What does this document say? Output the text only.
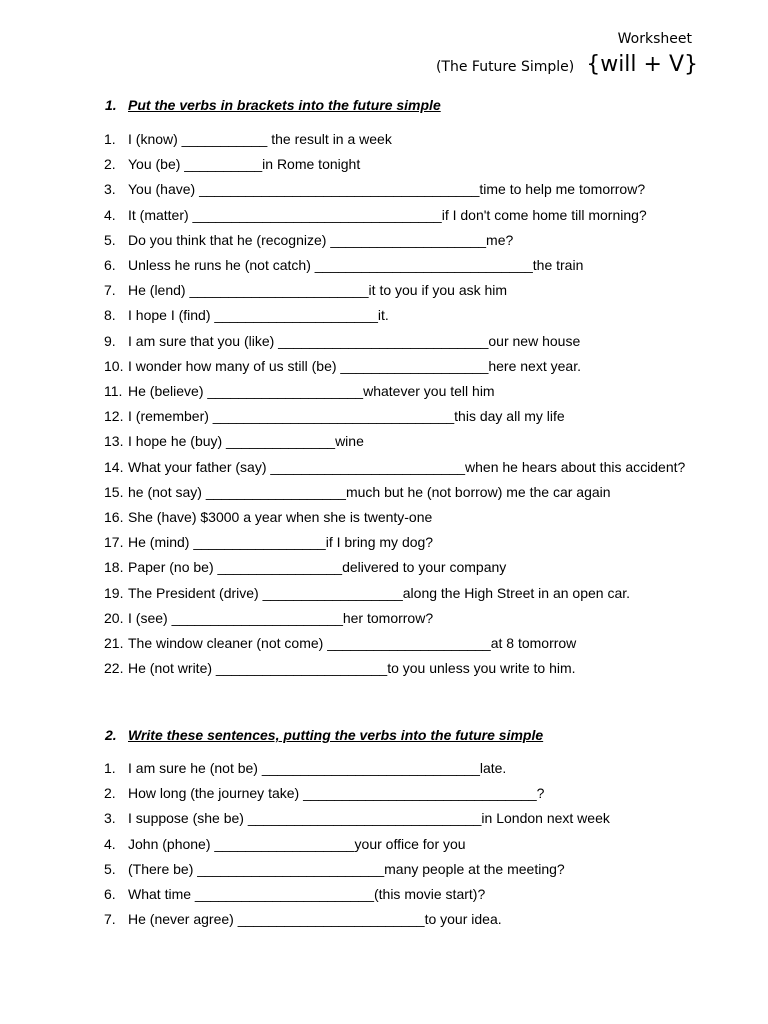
Worksheet
(The Future Simple) {will + V}
1. Put the verbs in brackets into the future simple
1. I (know) ___________ the result in a week
2. You (be) __________in Rome tonight
3. You (have) ____________________________________time to help me tomorrow?
4. It (matter) ________________________________if I don't come home till morning?
5. Do you think that he (recognize) ____________________me?
6. Unless he runs he (not catch) ____________________________the train
7. He (lend) _______________________it to you if you ask him
8. I hope I (find) _____________________it.
9. I am sure that you (like) ___________________________our new house
10. I wonder how many of us still (be) ___________________here next year.
11. He (believe) ____________________whatever you tell him
12. I (remember) _______________________________this day all my life
13. I hope he (buy) ______________wine
14. What your father (say) _________________________when he hears about this accident?
15. he (not say) __________________much but he (not borrow) me the car again
16. She (have) $3000 a year when she is twenty-one
17. He (mind) _________________if I bring my dog?
18. Paper (no be) ________________delivered to your company
19. The President (drive) __________________along the High Street in an open car.
20. I (see) ______________________her tomorrow?
21. The window cleaner (not come) _____________________at 8 tomorrow
22. He (not write) ______________________to you unless you write to him.
2. Write these sentences, putting the verbs into the future simple
1. I am sure he (not be) ____________________________late.
2. How long (the journey take) ______________________________?
3. I suppose (she be) ______________________________in London next week
4. John (phone) __________________your office for you
5. (There be) ________________________many people at the meeting?
6. What time _______________________(this movie start)?
7. He (never agree) ________________________to your idea.
